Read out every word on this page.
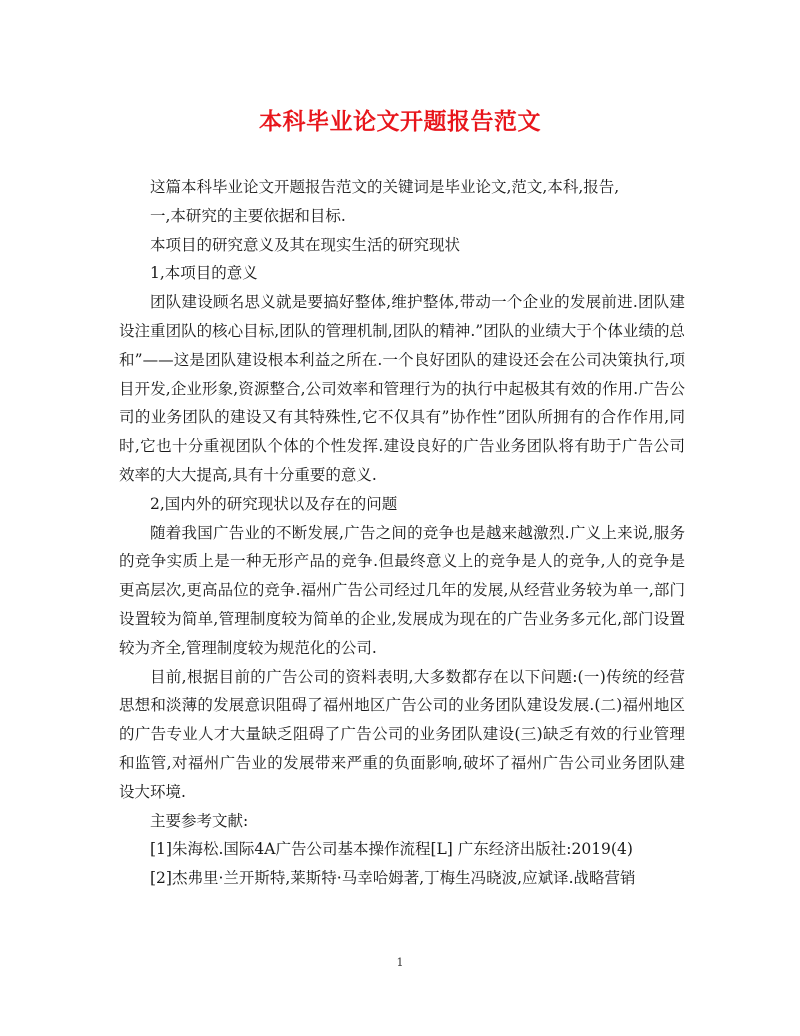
本科毕业论文开题报告范文

这篇本科毕业论文开题报告范文的关键词是毕业论文,范文,本科,报告,

一,本研究的主要依据和目标.

本项目的研究意义及其在现实生活的研究现状

1,本项目的意义

团队建设顾名思义就是要搞好整体,维护整体,带动一个企业的发展前进.团队建设注重团队的核心目标,团队的管理机制,团队的精神.”团队的业绩大于个体业绩的总和”——这是团队建设根本利益之所在.一个良好团队的建设还会在公司决策执行,项目开发,企业形象,资源整合,公司效率和管理行为的执行中起极其有效的作用.广告公司的业务团队的建设又有其特殊性,它不仅具有”协作性”团队所拥有的合作作用,同时,它也十分重视团队个体的个性发挥.建设良好的广告业务团队将有助于广告公司效率的大大提高,具有十分重要的意义.

2,国内外的研究现状以及存在的问题

随着我国广告业的不断发展,广告之间的竞争也是越来越激烈.广义上来说,服务的竞争实质上是一种无形产品的竞争.但最终意义上的竞争是人的竞争,人的竞争是更高层次,更高品位的竞争.福州广告公司经过几年的发展,从经营业务较为单一,部门设置较为简单,管理制度较为简单的企业,发展成为现在的广告业务多元化,部门设置较为齐全,管理制度较为规范化的公司.

目前,根据目前的广告公司的资料表明,大多数都存在以下问题:(一)传统的经营思想和淡薄的发展意识阻碍了福州地区广告公司的业务团队建设发展.(二)福州地区的广告专业人才大量缺乏阻碍了广告公司的业务团队建设(三)缺乏有效的行业管理和监管,对福州广告业的发展带来严重的负面影响,破坏了福州广告公司业务团队建设大环境.

主要参考文献:

[1]朱海松.国际4A广告公司基本操作流程[L] 广东经济出版社:2019(4)

[2]杰弗里·兰开斯特,莱斯特·马幸哈姆著,丁梅生冯晓波,应斌译.战略营销

1
